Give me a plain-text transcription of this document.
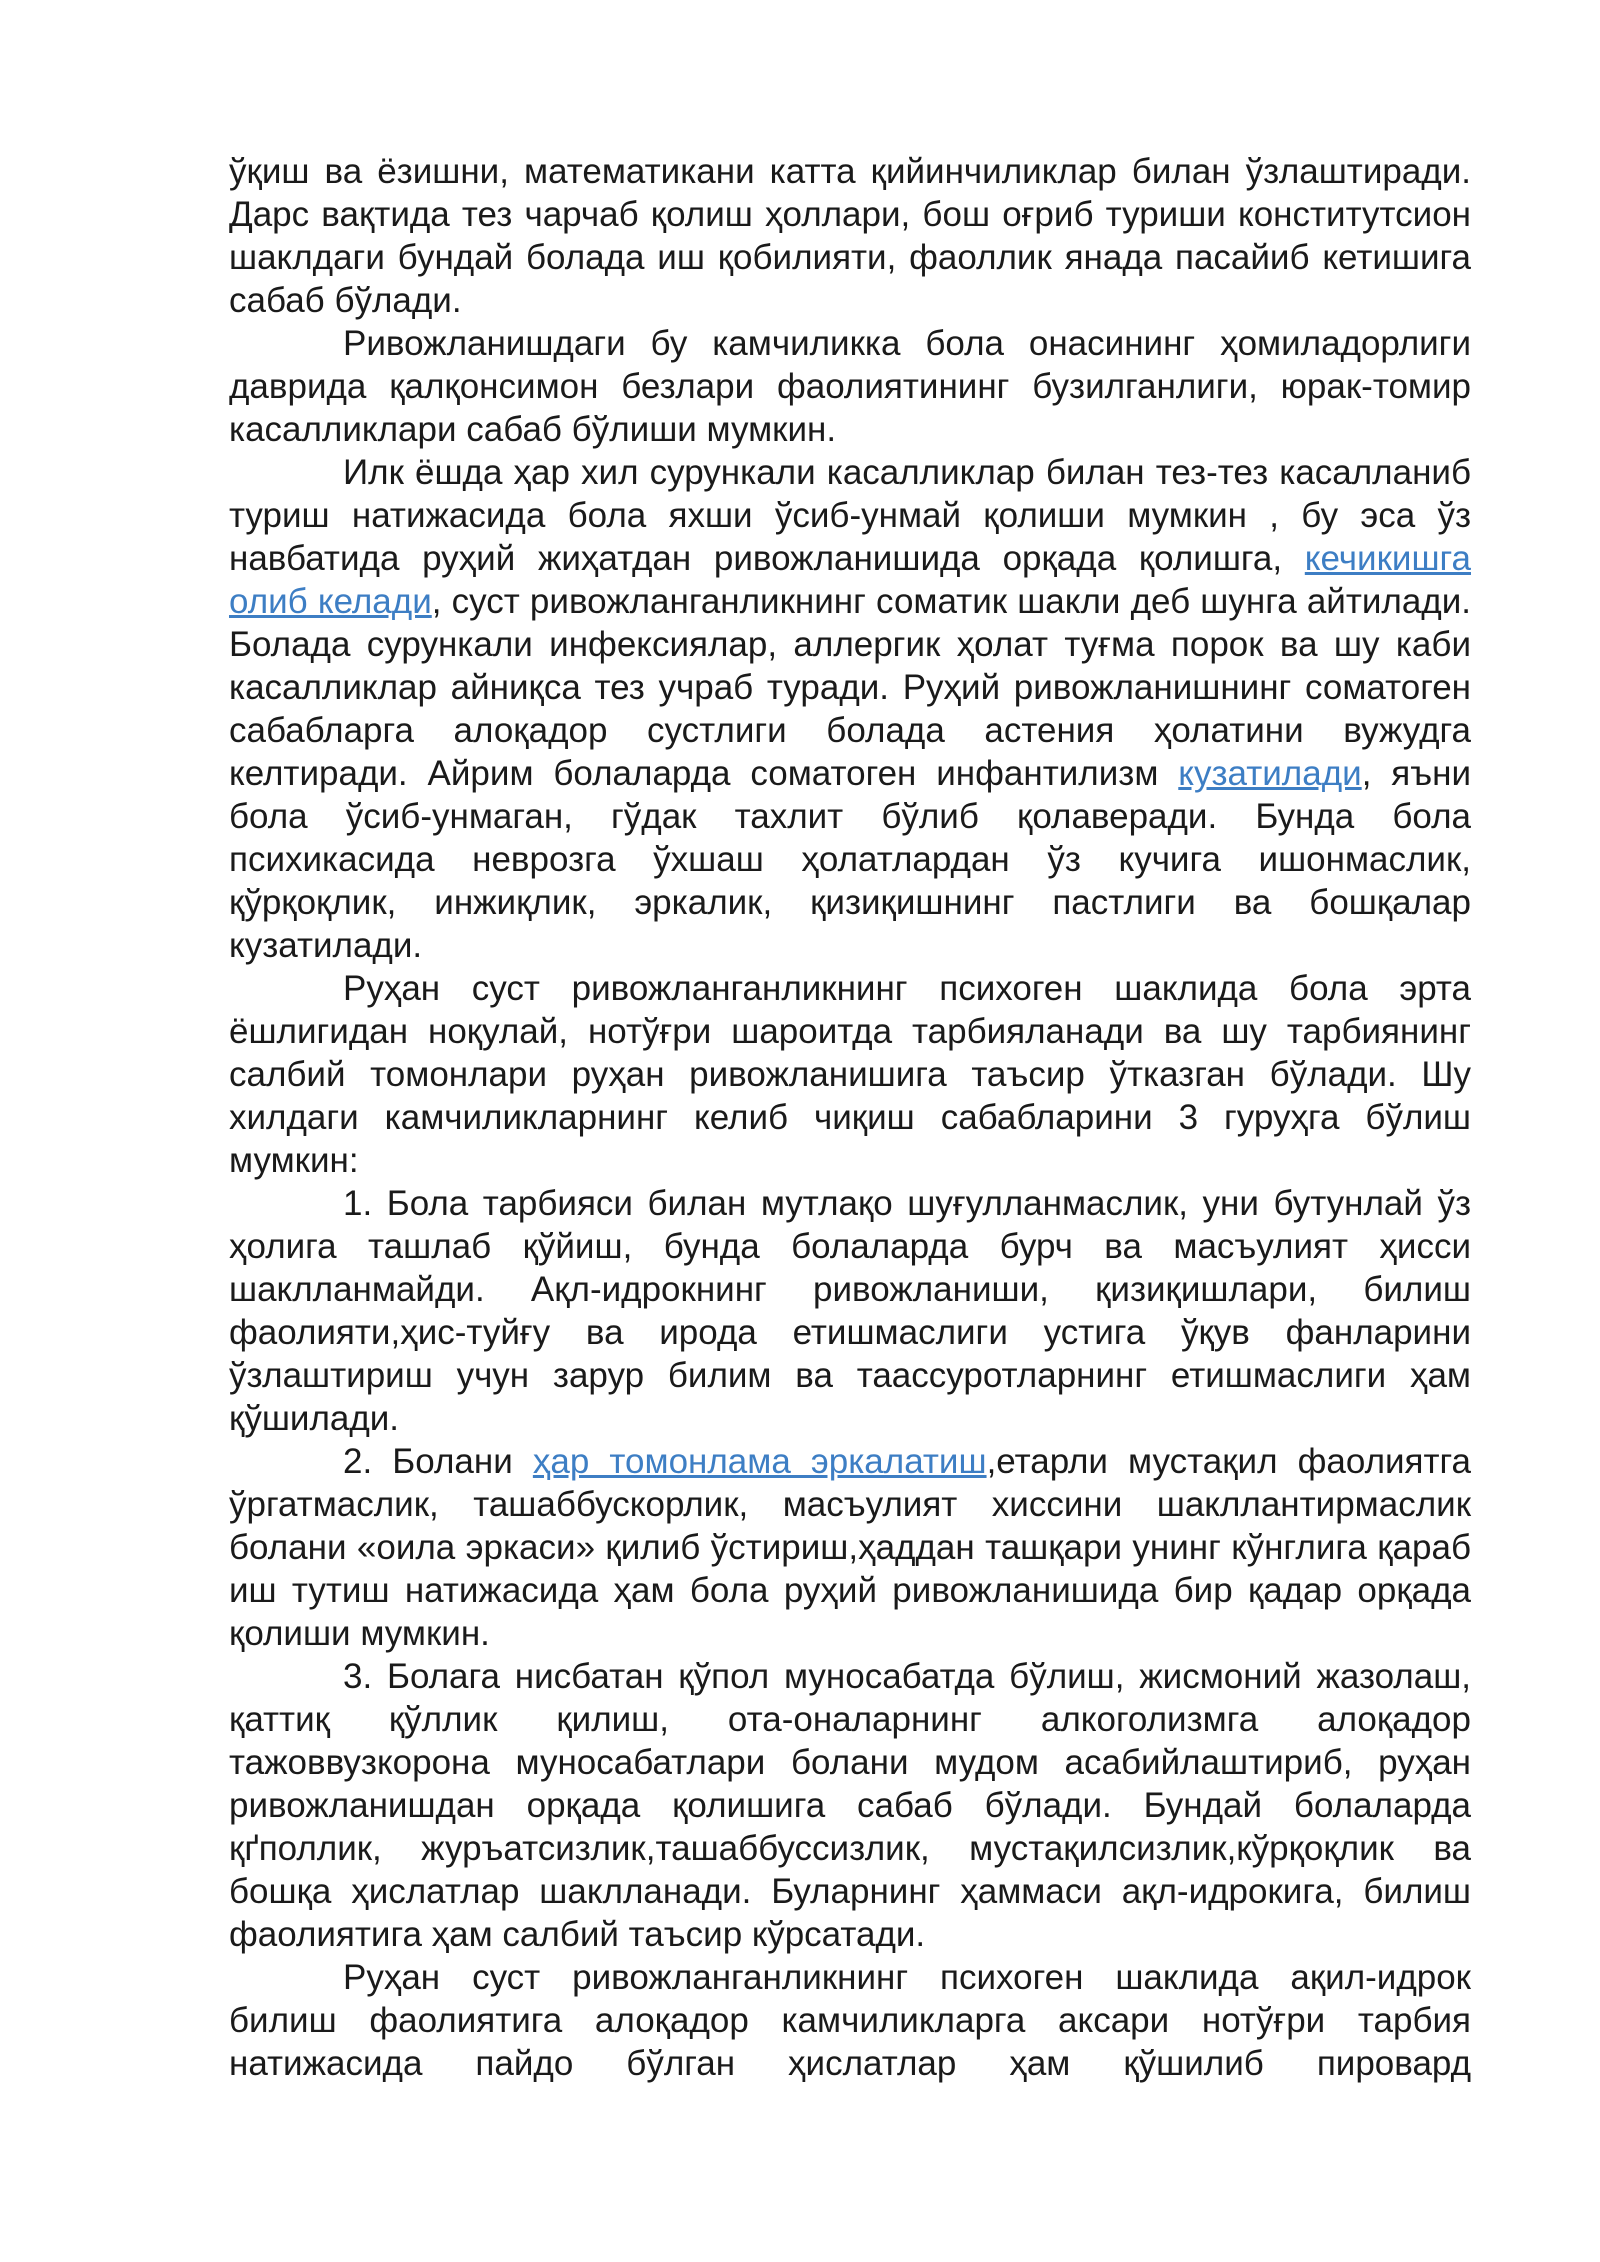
ўқиш ва ёзишни, математикани катта қийинчиликлар билан ўзлаштиради. Дарс вақтида тез чарчаб қолиш ҳоллари, бош оғриб туриши конститутсион шаклдаги бундай болада иш қобилияти, фаоллик янада пасайиб кетишига сабаб бўлади.

Ривожланишдаги бу камчиликка бола онасининг ҳомиладорлиги даврида қалқонсимон безлари фаолиятининг бузилганлиги, юрак-томир касалликлари сабаб бўлиши мумкин.

Илк ёшда ҳар хил сурункали касалликлар билан тез-тез касалланиб туриш натижасида бола яхши ўсиб-унмай қолиши мумкин , бу эса ўз навбатида руҳий жиҳатдан ривожланишида орқада қолишга, кечикишга олиб келади, суст ривожланганликнинг соматик шакли деб шунга айтилади. Болада сурункали инфексиялар, аллергик ҳолат туғма порок ва шу каби касалликлар айниқса тез учраб туради. Руҳий ривожланишнинг соматоген сабабларга алоқадор сустлиги болада астения ҳолатини вужудга келтиради. Айрим болаларда соматоген инфантилизм кузатилади, яъни бола ўсиб-унмаган, гўдак тахлит бўлиб қолаверади. Бунда бола психикасида неврозга ўхшаш ҳолатлардан ўз кучига ишонмаслик, қўрқоқлик, инжиқлик, эркалик, қизиқишнинг пастлиги ва бошқалар кузатилади.

Руҳан суст ривожланганликнинг психоген шаклида бола эрта ёшлигидан ноқулай, нотўғри шароитда тарбияланади ва шу тарбиянинг салбий томонлари руҳан ривожланишига таъсир ўтказган бўлади. Шу хилдаги камчиликларнинг келиб чиқиш сабабларини 3 гуруҳга бўлиш мумкин:

1. Бола тарбияси билан мутлақо шуғулланмаслик, уни бутунлай ўз ҳолига ташлаб қўйиш, бунда болаларда бурч ва масъулият ҳисси шаклланмайди. Ақл-идрокнинг ривожланиши, қизиқишлари, билиш фаолияти,ҳис-туйғу ва ирода етишмаслиги устига ўқув фанларини ўзлаштириш учун зарур билим ва таассуротларнинг етишмаслиги ҳам қўшилади.

2. Болани ҳар томонлама эркалатиш,етарли мустақил фаолиятга ўргатмаслик, ташаббускорлик, масъулият хиссини шакллантирмаслик болани «оила эркаси» қилиб ўстириш,ҳаддан ташқари унинг кўнглига қараб иш тутиш натижасида ҳам бола руҳий ривожланишида бир қадар орқада қолиши мумкин.

3. Болага нисбатан қўпол муносабатда бўлиш, жисмоний жазолаш, қаттиқ қўллик қилиш, ота-оналарнинг алкоголизмга алоқадор тажоввузкорона муносабатлари болани мудом асабийлаштириб, руҳан ривожланишдан орқада қолишига сабаб бўлади. Бундай болаларда қґполлик, журъатсизлик,ташаббуссизлик, мустақилсизлик,кўрқоқлик ва бошқа ҳислатлар шаклланади. Буларнинг ҳаммаси ақл-идрокига, билиш фаолиятига ҳам салбий таъсир кўрсатади.

Руҳан суст ривожланганликнинг психоген шаклида ақил-идрок билиш фаолиятига алоқадор камчиликларга аксари нотўғри тарбия натижасида пайдо бўлган ҳислатлар ҳам қўшилиб пировард
